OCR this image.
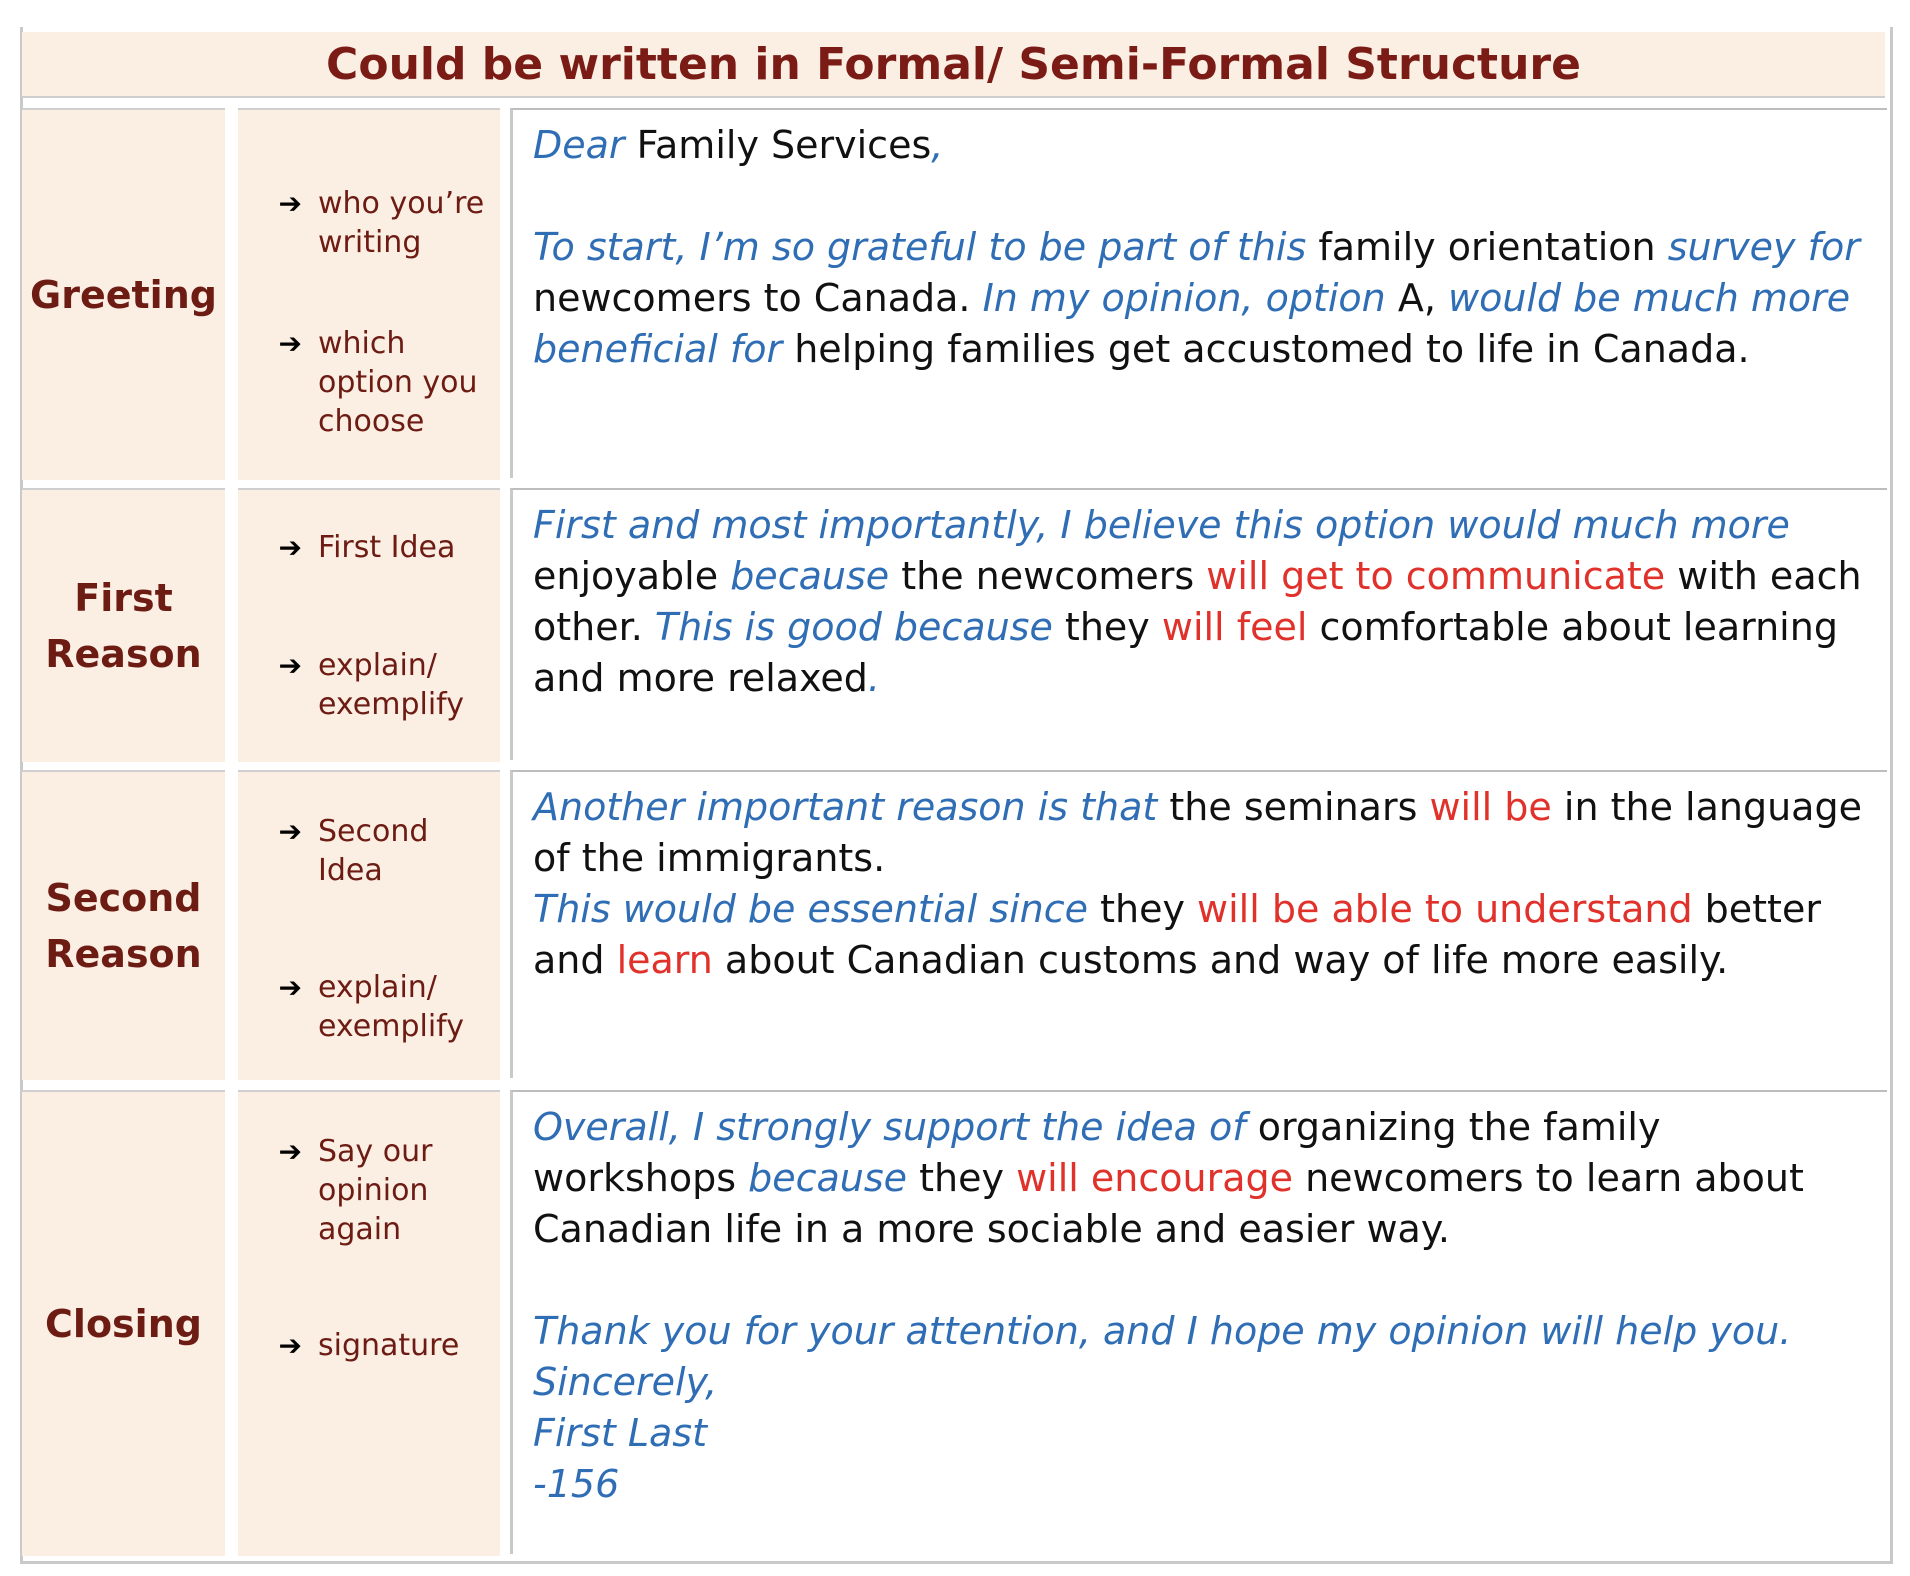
Could be written in Formal/ Semi-Formal Structure
Greeting
➔ who you’re writing
➔ which option you choose

Dear Family Services,

To start, I’m so grateful to be part of this family orientation survey for newcomers to Canada. In my opinion, option A, would be much more beneficial for helping families get accustomed to life in Canada.

First
Reason
➔ First Idea
➔ explain/ exemplify

First and most importantly, I believe this option would much more enjoyable because the newcomers will get to communicate with each other. This is good because they will feel comfortable about learning and more relaxed.

Second
Reason
➔ Second Idea
➔ explain/ exemplify

Another important reason is that the seminars will be in the language of the immigrants.

This would be essential since they will be able to understand better and learn about Canadian customs and way of life more easily.

Closing
➔ Say our opinion again
➔ signature

Overall, I strongly support the idea of organizing the family workshops because they will encourage newcomers to learn about Canadian life in a more sociable and easier way.

Thank you for your attention, and I hope my opinion will help you.

Sincerely,

First Last

-156
